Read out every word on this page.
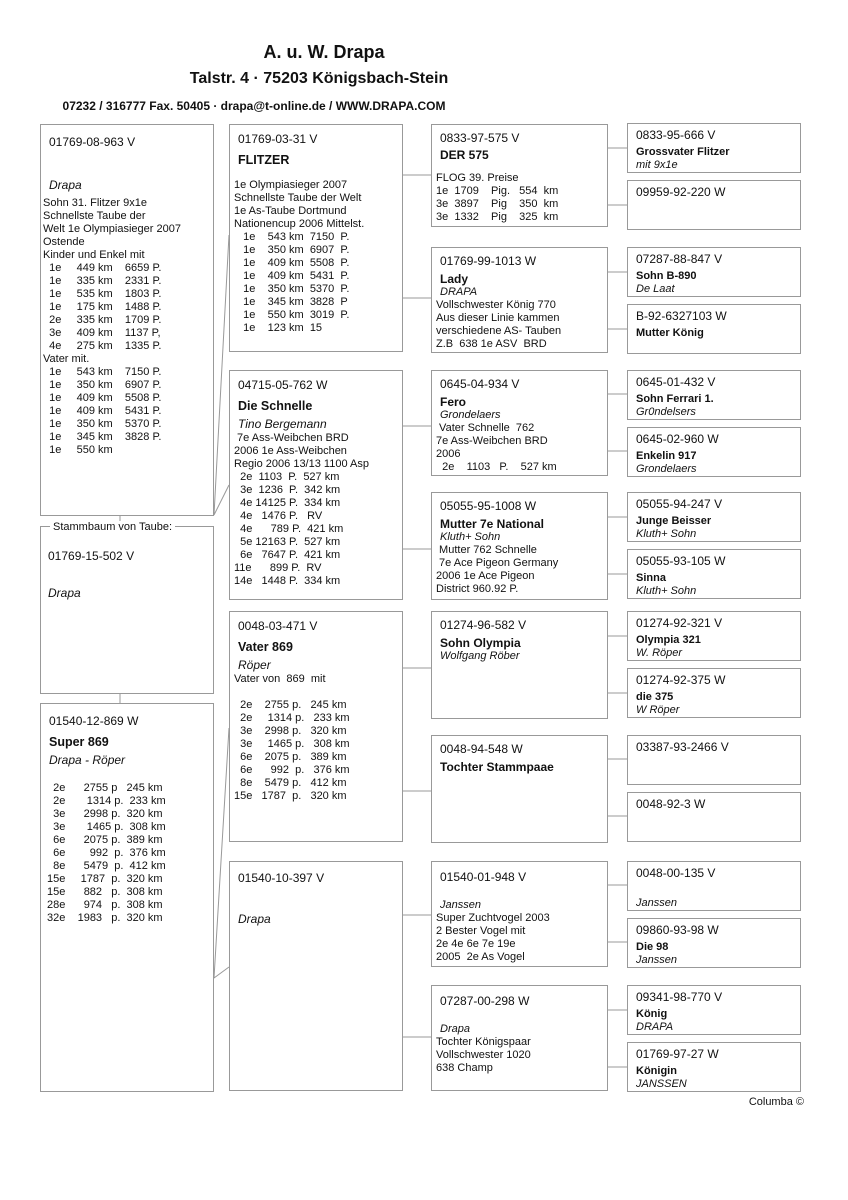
A. u. W. Drapa
Talstr. 4 · 75203 Königsbach-Stein
07232 / 316777 Fax. 50405 · drapa@t-online.de / WWW.DRAPA.COM
01769-08-963 V
Drapa
Sohn 31. Flitzer 9x1e
Schnellste Taube der
Welt 1e Olympiasieger 2007
Ostende
Kinder und Enkel mit
1e     449 km    6659 P.
1e     335 km    2331 P.
1e     535 km    1803 P.
1e     175 km    1488 P.
2e     335 km    1709 P.
3e     409 km    1137 P,
4e     275 km    1335 P.
Vater mit.
1e     543 km    7150 P.
1e     350 km    6907 P.
1e     409 km    5508 P.
1e     409 km    5431 P.
1e     350 km    5370 P.
1e     345 km    3828 P.
1e     550 km
01769-15-502 V
Drapa
Stammbaum von Taube:
01540-12-869 W
Super 869
Drapa - Röper
2e      2755 p   245 km
2e       1314 p.  233 km
3e      2998 p.  320 km
3e       1465 p.  308 km
6e      2075 p.  389 km
6e        992  p.  376 km
8e      5479  p.  412 km
15e     1787  p.  320 km
15e      882   p.  308 km
28e      974   p.  308 km
32e    1983   p.  320 km
01769-03-31 V
FLITZER
1e Olympiasieger 2007
Schnellste Taube der Welt
1e As-Taube Dortmund
Nationencup 2006 Mittelst.
1e    543 km  7150  P.
1e    350 km  6907  P.
1e    409 km  5508  P.
1e    409 km  5431  P.
1e    350 km  5370  P.
1e    345 km  3828  P
1e    550 km  3019  P.
1e    123 km  15
04715-05-762 W
Die Schnelle
Tino Bergemann
7e Ass-Weibchen BRD
2006 1e Ass-Weibchen
Regio 2006 13/13 1100 Asp
2e  1103  P.  527 km
3e  1236  P.  342 km
4e 14125 P.  334 km
4e   1476 P.   RV
4e      789 P.  421 km
5e 12163 P.  527 km
6e   7647 P.  421 km
11e      899 P.  RV
14e   1448 P.  334 km
0048-03-471 V
Vater 869
Röper
Vater von  869  mit

2e    2755 p.   245 km
2e     1314 p.   233 km
3e    2998 p.   320 km
3e     1465 p.   308 km
6e    2075 p.   389 km
6e      992  p.   376 km
8e    5479 p.   412 km
15e   1787  p.   320 km
01540-10-397 V
Drapa
0833-97-575 V
DER 575
FLOG 39. Preise
1e  1709    Pig.   554  km
3e  3897    Pig    350  km
3e  1332    Pig    325  km
01769-99-1013 W
Lady
DRAPA
Vollschwester König 770
Aus dieser Linie kammen
verschiedene AS- Tauben
Z.B  638 1e ASV  BRD
0645-04-934 V
Fero
Grondelaers
Vater Schnelle  762
7e Ass-Weibchen BRD
2006
2e    1103   P.    527 km
05055-95-1008 W
Mutter 7e National
Kluth+ Sohn
Mutter 762 Schnelle
7e Ace Pigeon Germany
2006 1e Ace Pigeon
District 960.92 P.
01274-96-582 V
Sohn Olympia
Wolfgang Röber
0048-94-548 W
Tochter Stammpaae
01540-01-948 V
Janssen
Super Zuchtvogel 2003
2 Bester Vogel mit
2e 4e 6e 7e 19e
2005  2e As Vogel
07287-00-298 W
Drapa
Tochter Königspaar
Vollschwester 1020
638 Champ
0833-95-666 V
Grossvater Flitzer
mit 9x1e
09959-92-220 W
07287-88-847 V
Sohn B-890
De Laat
B-92-6327103 W
Mutter König
0645-01-432 V
Sohn Ferrari 1.
Gr0ndelsers
0645-02-960 W
Enkelin 917
Grondelaers
05055-94-247 V
Junge Beisser
Kluth+ Sohn
05055-93-105 W
Sinna
Kluth+ Sohn
01274-92-321 V
Olympia 321
W. Röper
01274-92-375 W
die 375
W Röper
03387-93-2466 V
0048-92-3 W
0048-00-135 V
Janssen
09860-93-98 W
Die 98
Janssen
09341-98-770 V
König
DRAPA
01769-97-27 W
Königin
JANSSEN
Columba ©
